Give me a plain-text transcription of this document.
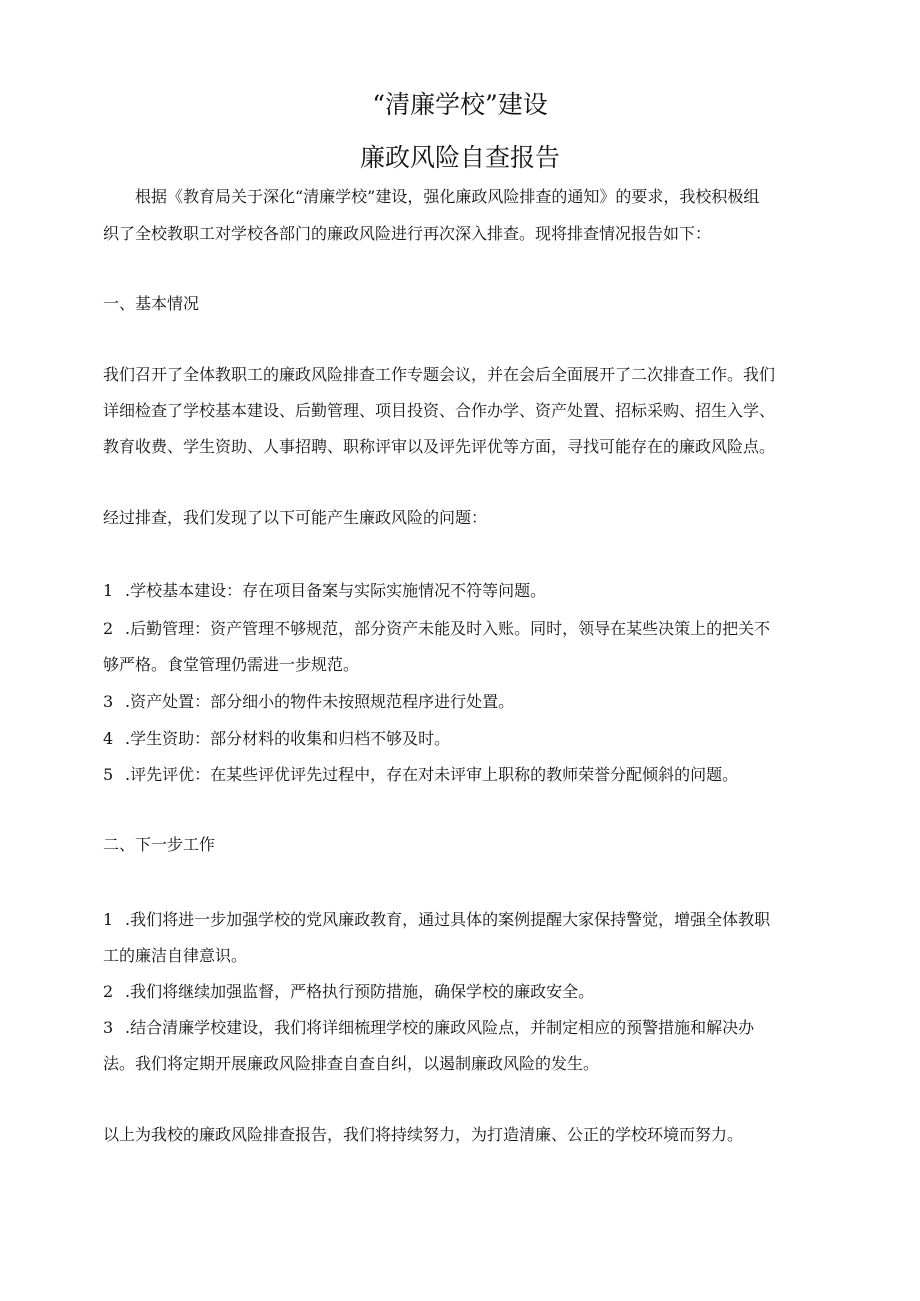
“清廉学校”建设
廉政风险自查报告
根据《教育局关于深化“清廉学校”建设，强化廉政风险排查的通知》的要求，我校积极组
织了全校教职工对学校各部门的廉政风险进行再次深入排查。现将排查情况报告如下：
一、基本情况
我们召开了全体教职工的廉政风险排查工作专题会议，并在会后全面展开了二次排查工作。我们
详细检查了学校基本建设、后勤管理、项目投资、合作办学、资产处置、招标采购、招生入学、
教育收费、学生资助、人事招聘、职称评审以及评先评优等方面，寻找可能存在的廉政风险点。
经过排查，我们发现了以下可能产生廉政风险的问题：
1 .学校基本建设：存在项目备案与实际实施情况不符等问题。
2 .后勤管理：资产管理不够规范，部分资产未能及时入账。同时，领导在某些决策上的把关不
够严格。食堂管理仍需进一步规范。
3 .资产处置：部分细小的物件未按照规范程序进行处置。
4 .学生资助：部分材料的收集和归档不够及时。
5 .评先评优：在某些评优评先过程中，存在对未评审上职称的教师荣誉分配倾斜的问题。
二、下一步工作
1 .我们将进一步加强学校的党风廉政教育，通过具体的案例提醒大家保持警觉，增强全体教职
工的廉洁自律意识。
2 .我们将继续加强监督，严格执行预防措施，确保学校的廉政安全。
3 .结合清廉学校建设，我们将详细梳理学校的廉政风险点，并制定相应的预警措施和解决办
法。我们将定期开展廉政风险排查自查自纠，以遏制廉政风险的发生。
以上为我校的廉政风险排查报告，我们将持续努力，为打造清廉、公正的学校环境而努力。
